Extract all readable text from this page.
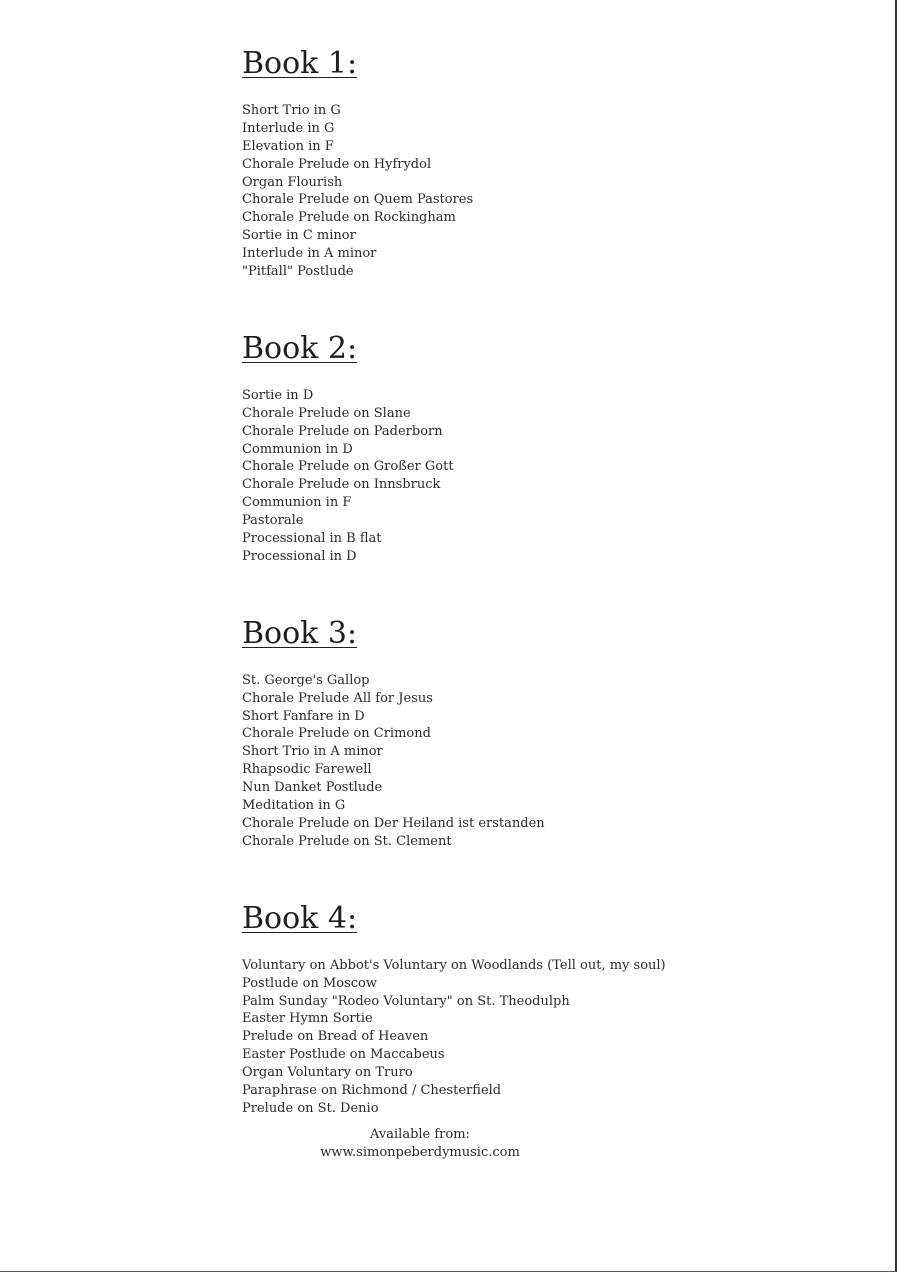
Book 1:
Short Trio in G
Interlude in G
Elevation in F
Chorale Prelude on Hyfrydol
Organ Flourish
Chorale Prelude on Quem Pastores
Chorale Prelude on Rockingham
Sortie in C minor
Interlude in A minor
"Pitfall" Postlude
Book 2:
Sortie in D
Chorale Prelude on Slane
Chorale Prelude on Paderborn
Communion in D
Chorale Prelude on Großer Gott
Chorale Prelude on Innsbruck
Communion in F
Pastorale
Processional in B flat
Processional in D
Book 3:
St. George's Gallop
Chorale Prelude All for Jesus
Short Fanfare in D
Chorale Prelude on Crimond
Short Trio in A minor
Rhapsodic Farewell
Nun Danket Postlude
Meditation in G
Chorale Prelude on Der Heiland ist erstanden
Chorale Prelude on St. Clement
Book 4:
Voluntary on Abbot's Voluntary on Woodlands (Tell out, my soul)
Postlude on Moscow
Palm Sunday "Rodeo Voluntary" on St. Theodulph
Easter Hymn Sortie
Prelude on Bread of Heaven
Easter Postlude on Maccabeus
Organ Voluntary on Truro
Paraphrase on Richmond / Chesterfield
Prelude on St. Denio
Available from:
www.simonpeberdymusic.com
